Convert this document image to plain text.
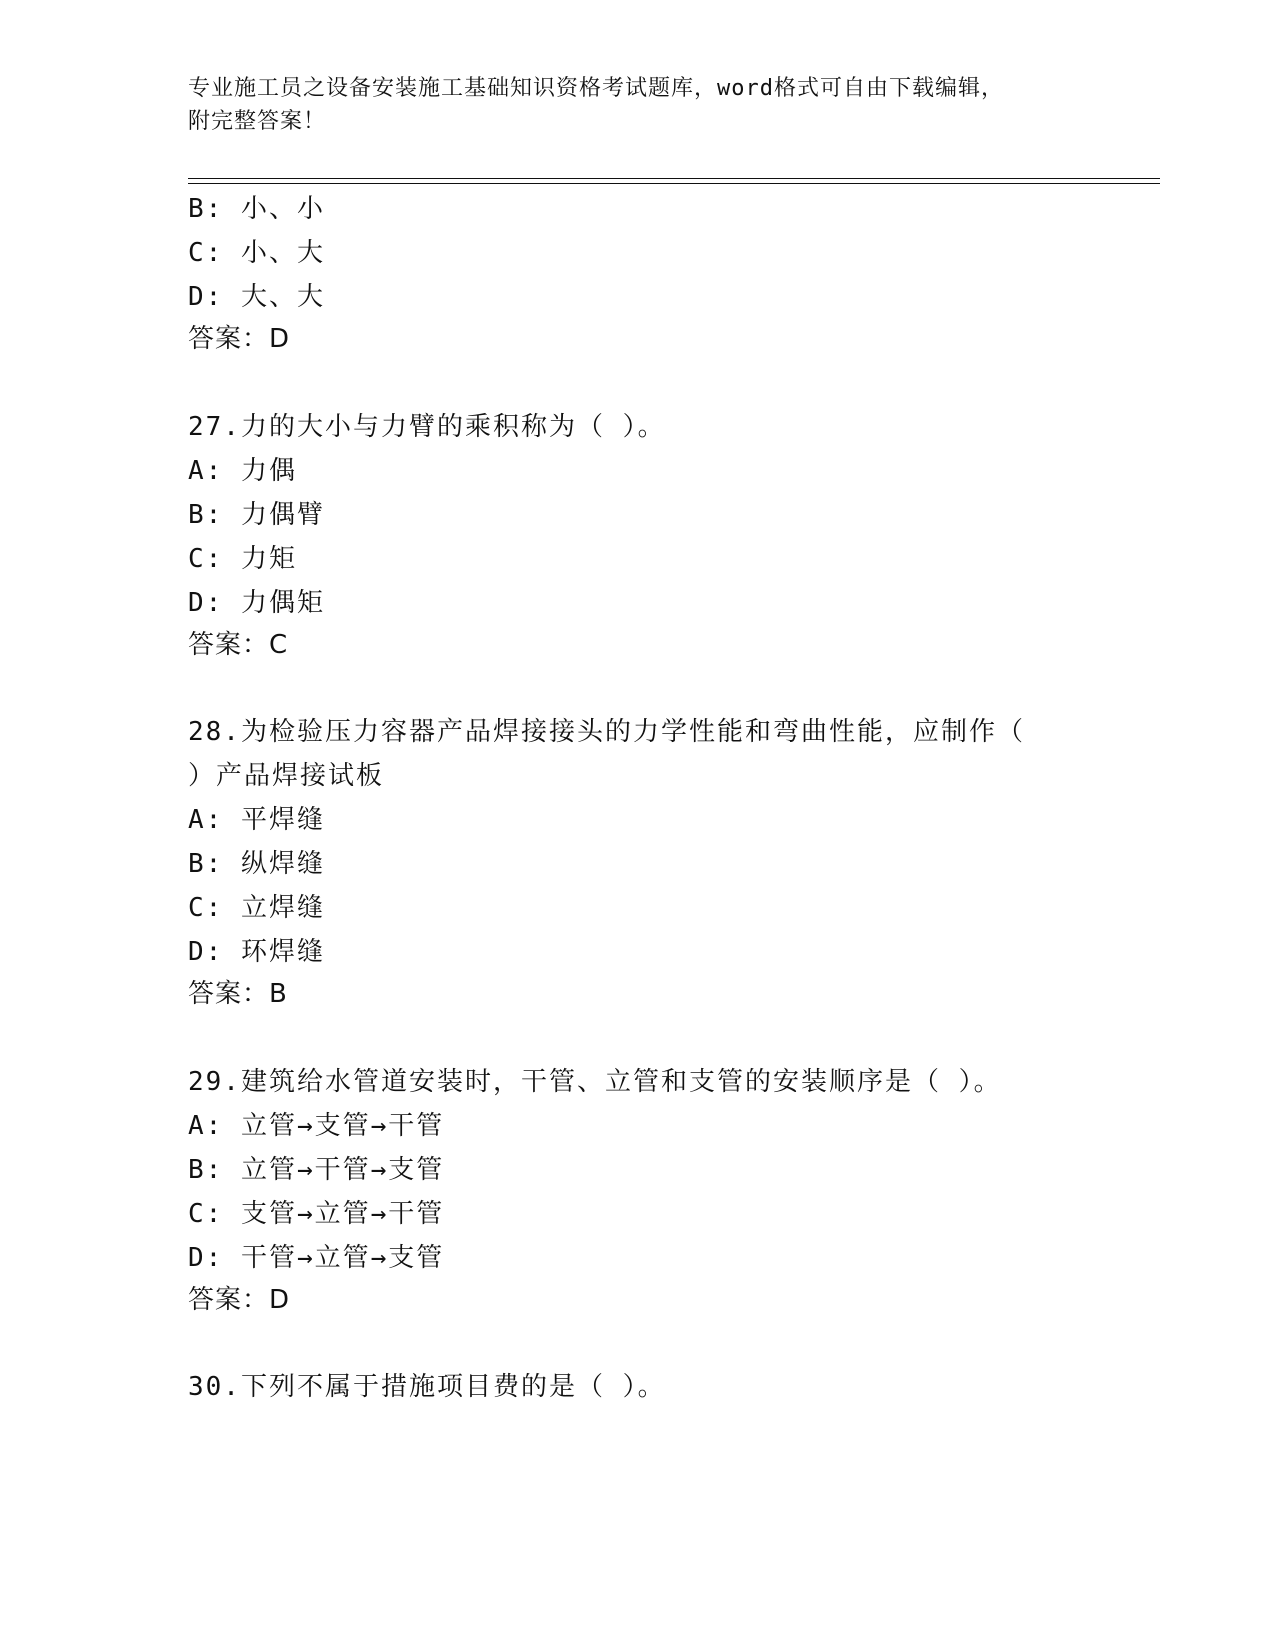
专业施工员之设备安装施工基础知识资格考试题库，word格式可自由下载编辑，
附完整答案！
B: 小、小
C: 小、大
D: 大、大
答案：D
27.力的大小与力臂的乘积称为（ ）。
A: 力偶
B: 力偶臂
C: 力矩
D: 力偶矩
答案：C
28.为检验压力容器产品焊接接头的力学性能和弯曲性能，应制作（
）产品焊接试板
A: 平焊缝
B: 纵焊缝
C: 立焊缝
D: 环焊缝
答案：B
29.建筑给水管道安装时，干管、立管和支管的安装顺序是（ ）。
A: 立管→支管→干管
B: 立管→干管→支管
C: 支管→立管→干管
D: 干管→立管→支管
答案：D
30.下列不属于措施项目费的是（ ）。
